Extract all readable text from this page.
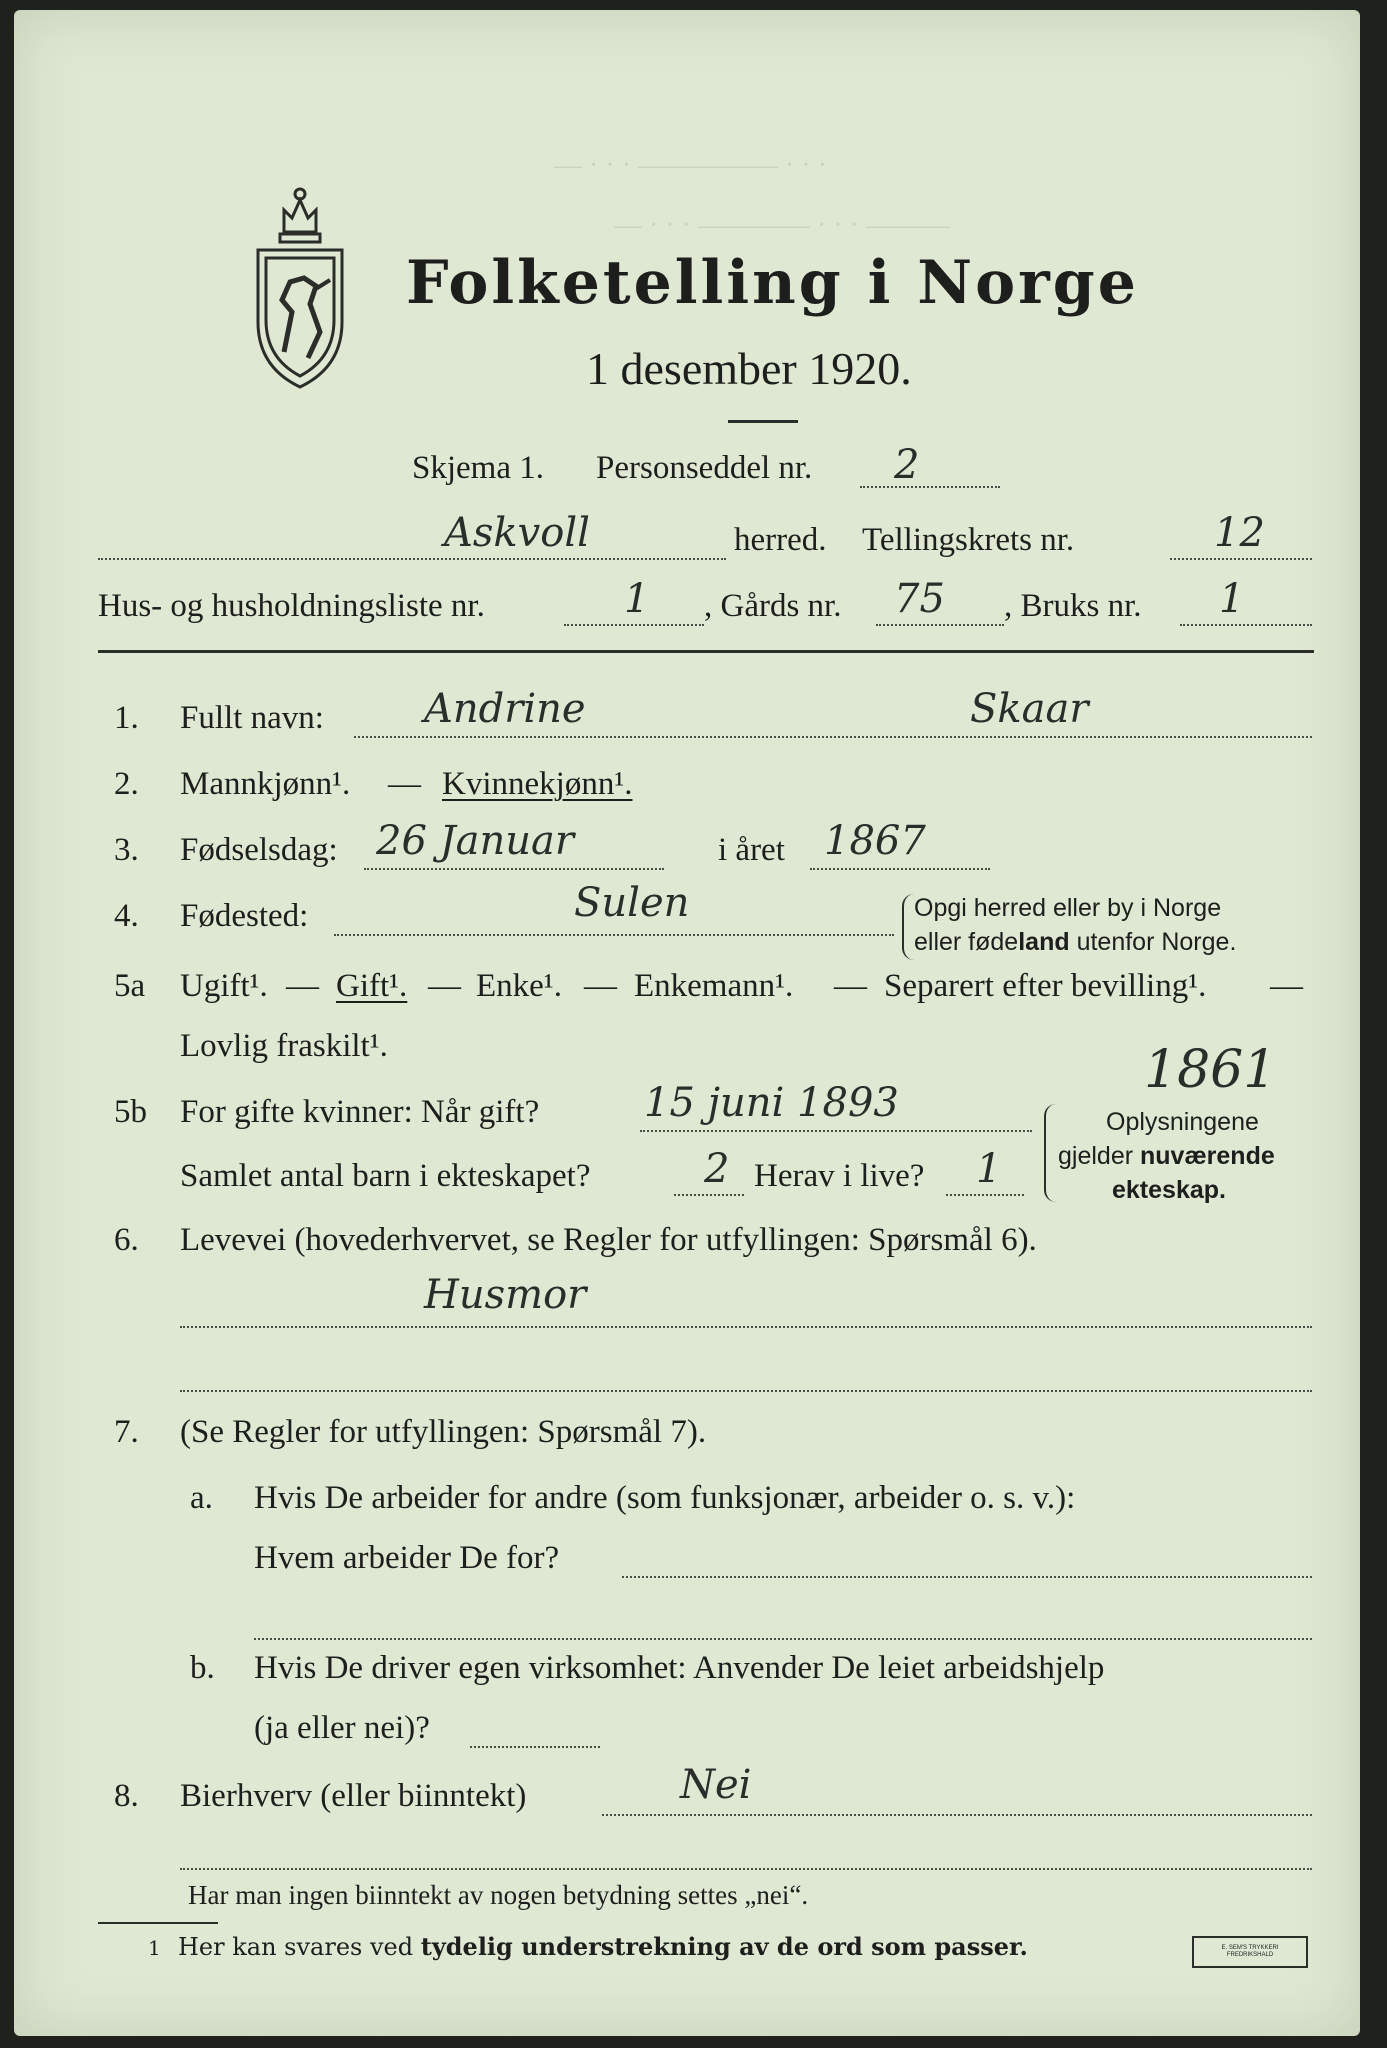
— · · · ————— · · ·
— · · · ———— · · · ———
Folketelling i Norge
1 desember 1920.
Skjema 1. Personseddel nr. 2
Askvoll	herred. Tellingskrets nr.	12
Hus- og husholdningsliste nr.	1 , Gårds nr. 75 , Bruks nr. 1
1. Fullt navn:	Andrine	Skaar
2. Mannkjønn¹. — Kvinnekjønn¹.
3. Fødselsdag: 26 Januar	i året 1867
4. Fødested:	Sulen	Opgi herred eller by i Norge
eller fødeland utenfor Norge.
5a Ugift¹. — Gift¹. — Enke¹. — Enkemann¹. — Separert efter bevilling¹. —
Lovlig fraskilt¹.	1861
5b For gifte kvinner: Når gift?	15 juni 1893
Samlet antal barn i ekteskapet?	2 Herav i live? 1
Oplysningene
gjelder nuværende
ekteskap.
6. Levevei (hovederhvervet, se Regler for utfyllingen: Spørsmål 6).
Husmor
7. (Se Regler for utfyllingen: Spørsmål 7).
a. Hvis De arbeider for andre (som funksjonær, arbeider o. s. v.):
Hvem arbeider De for?
b. Hvis De driver egen virksomhet: Anvender De leiet arbeidshjelp
(ja eller nei)?
8. Bierhverv (eller biinntekt)	Nei
Har man ingen biinntekt av nogen betydning settes „nei“.
1 Her kan svares ved tydelig understrekning av de ord som passer.	E. SEM'S TRYKKERI FREDRIKSHALD
